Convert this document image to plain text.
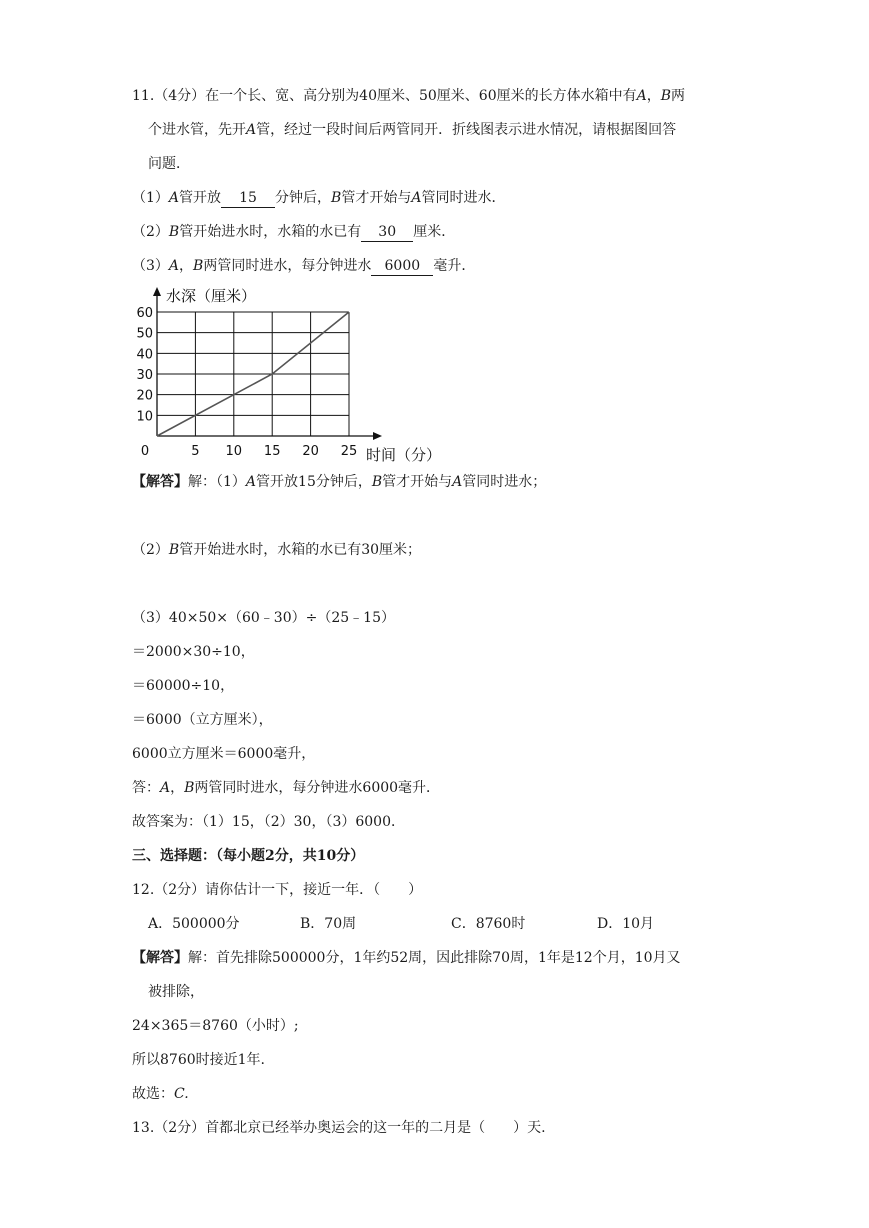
11.（4分）在一个长、宽、高分别为40厘米、50厘米、60厘米的长方体水箱中有A，B两
个进水管，先开A管，经过一段时间后两管同开．折线图表示进水情况，请根据图回答
问题．
（1）A管开放 15 分钟后，B管才开始与A管同时进水．
（2）B管开始进水时，水箱的水已有 30 厘米．
（3）A，B两管同时进水，每分钟进水 6000 毫升．
5 10 15 20 25
10
20
30
40
50
60
0
水深（厘米）
时间（分）
【解答】解：（1）A管开放15分钟后，B管才开始与A管同时进水；
（2）B管开始进水时，水箱的水已有30厘米；
（3）40×50×（60﹣30）÷（25﹣15）
＝2000×30÷10，
＝60000÷10，
＝6000（立方厘米），
6000立方厘米＝6000毫升，
答：A，B两管同时进水，每分钟进水6000毫升．
故答案为：（1）15，（2）30，（3）6000．
三、选择题：（每小题2分，共10分）
12.（2分）请你估计一下，接近一年．（　　）
A．500000分	B．70周	C．8760时	D．10月
【解答】解：首先排除500000分，1年约52周，因此排除70周，1年是12个月，10月又
被排除，
24×365＝8760（小时）;
所以8760时接近1年.
故选：C.
13.（2分）首都北京已经举办奥运会的这一年的二月是（　　）天.
